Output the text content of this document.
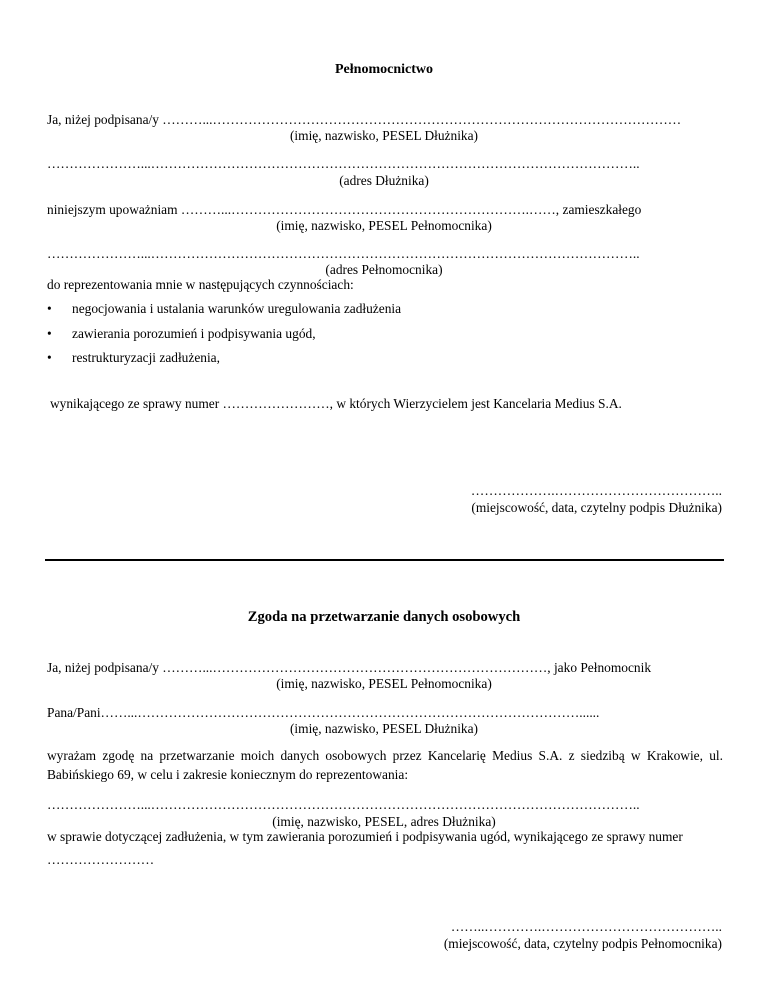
Pełnomocnictwo
Ja, niżej podpisana/y ………...……………………………………………………………………………………………
(imię, nazwisko, PESEL Dłużnika)
…………………...………………………………………………………………………………………………..
(adres Dłużnika)
niniejszym upoważniam ………...………………………………………………………….……, zamieszkałego
(imię, nazwisko, PESEL Pełnomocnika)
…………………...………………………………………………………………………………………………..
(adres Pełnomocnika)
do reprezentowania mnie w następujących czynnościach:
• negocjowania i ustalania warunków uregulowania zadłużenia
• zawierania porozumień i podpisywania ugód,
• restrukturyzacji zadłużenia,
wynikającego ze sprawy numer ……………………, w których Wierzycielem jest Kancelaria Medius S.A.
……………….………………………………..
(miejscowość, data, czytelny podpis Dłużnika)
Zgoda na przetwarzanie danych osobowych
Ja, niżej podpisana/y ………...…………………………………………………………………, jako Pełnomocnik
(imię, nazwisko, PESEL Pełnomocnika)
Pana/Pani……...………………………………………………………………………………………......
(imię, nazwisko, PESEL Dłużnika)
wyrażam zgodę na przetwarzanie moich danych osobowych przez Kancelarię Medius S.A. z siedzibą w Krakowie, ul. Babińskiego 69, w celu i zakresie koniecznym do reprezentowania:
…………………...………………………………………………………………………………………………..
(imię, nazwisko, PESEL, adres Dłużnika)
w sprawie dotyczącej zadłużenia, w tym zawierania porozumień i podpisywania ugód, wynikającego ze sprawy numer
……………………
……..………….…………………………………..
(miejscowość, data, czytelny podpis Pełnomocnika)
